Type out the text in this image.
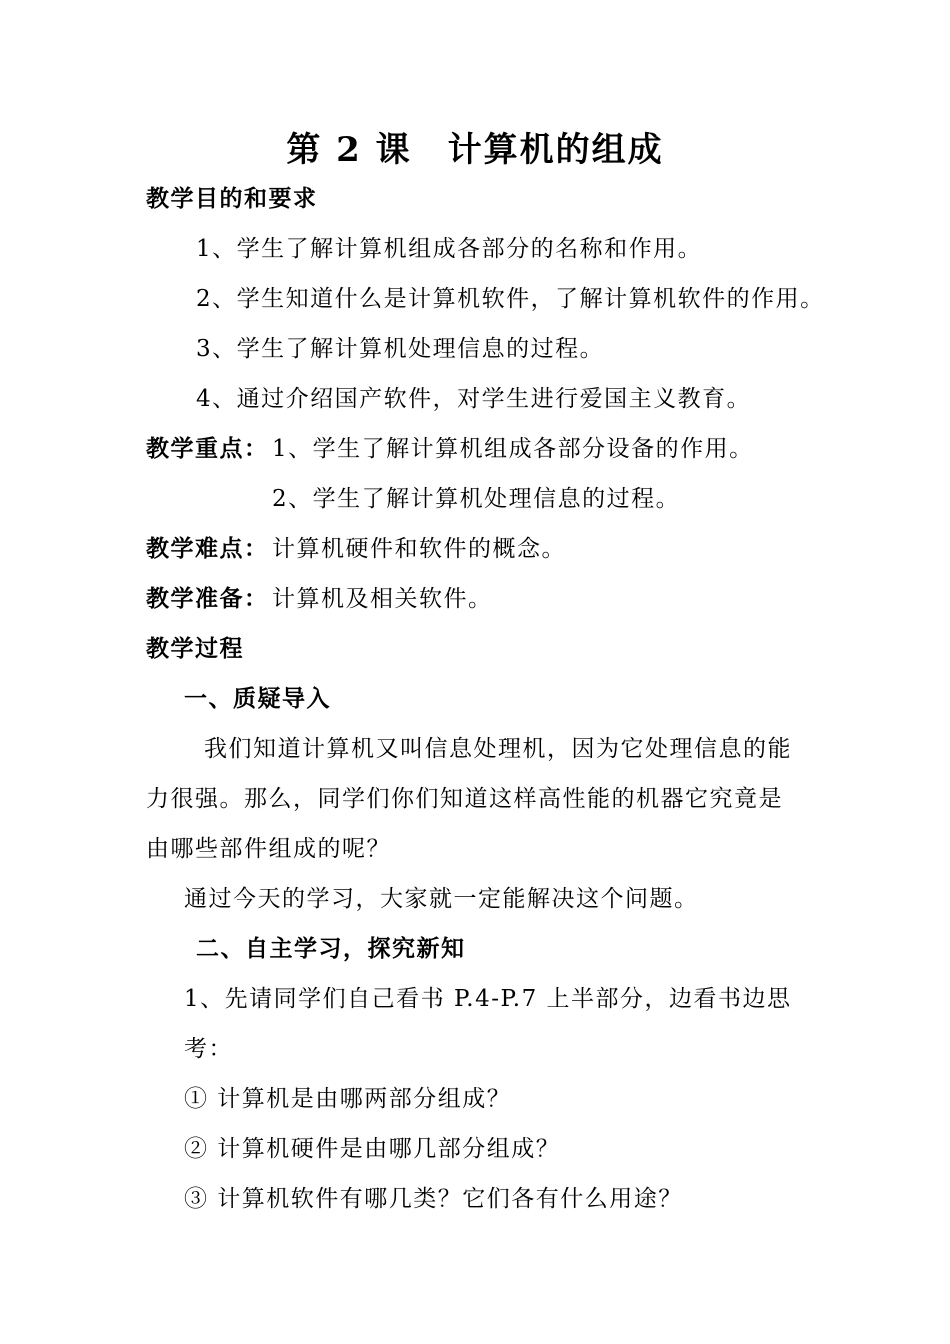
第 2 课　计算机的组成
教学目的和要求
1、学生了解计算机组成各部分的名称和作用。
2、学生知道什么是计算机软件，了解计算机软件的作用。
3、学生了解计算机处理信息的过程。
4、通过介绍国产软件，对学生进行爱国主义教育。
教学重点： 1、学生了解计算机组成各部分设备的作用。
2、学生了解计算机处理信息的过程。
教学难点： 计算机硬件和软件的概念。
教学准备： 计算机及相关软件。
教学过程
一、质疑导入
我们知道计算机又叫信息处理机，因为它处理信息的能
力很强。那么，同学们你们知道这样高性能的机器它究竟是
由哪些部件组成的呢？
通过今天的学习，大家就一定能解决这个问题。
二、自主学习，探究新知
1、先请同学们自己看书 P.4-P.7 上半部分，边看书边思
考：
① 计算机是由哪两部分组成？
② 计算机硬件是由哪几部分组成？
③ 计算机软件有哪几类？它们各有什么用途？
